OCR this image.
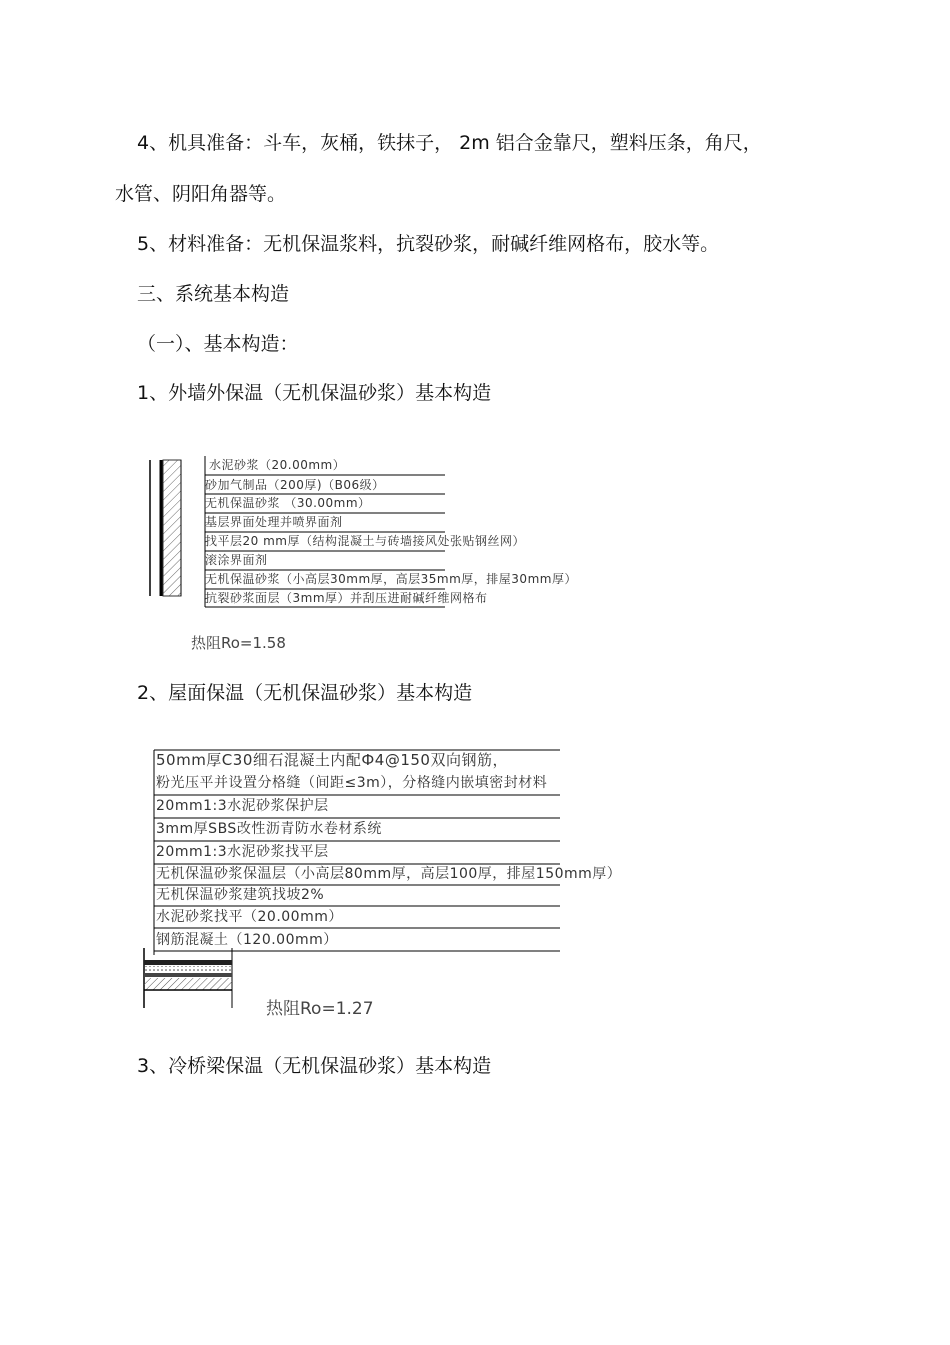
4、机具准备：斗车，灰桶，铁抹子， 2m 铝合金靠尺，塑料压条，角尺，
水管、阴阳角器等。
5、材料准备：无机保温浆料，抗裂砂浆，耐碱纤维网格布，胶水等。
三、系统基本构造
（一）、基本构造：
1、外墙外保温（无机保温砂浆）基本构造
水泥砂浆（20.00mm）
砂加气制品（200厚)（B06级）
无机保温砂浆 （30.00mm）
基层界面处理并喷界面剂
找平层20 mm厚（结构混凝土与砖墙接风处张贴钢丝网）
滚涂界面剂
无机保温砂浆（小高层30mm厚，高层35mm厚，排屋30mm厚）
抗裂砂浆面层（3mm厚）并刮压进耐碱纤维网格布
热阻Ro=1.58
2、屋面保温（无机保温砂浆）基本构造
50mm厚C30细石混凝土内配Ф4@150双向钢筋，
粉光压平并设置分格缝（间距≤3m），分格缝内嵌填密封材料
20mm1:3水泥砂浆保护层
3mm厚SBS改性沥青防水卷材系统
20mm1:3水泥砂浆找平层
无机保温砂浆保温层（小高层80mm厚，高层100厚，排屋150mm厚）
无机保温砂浆建筑找坡2%
水泥砂浆找平（20.00mm）
钢筋混凝土（120.00mm）
热阻Ro=1.27
3、冷桥梁保温（无机保温砂浆）基本构造
